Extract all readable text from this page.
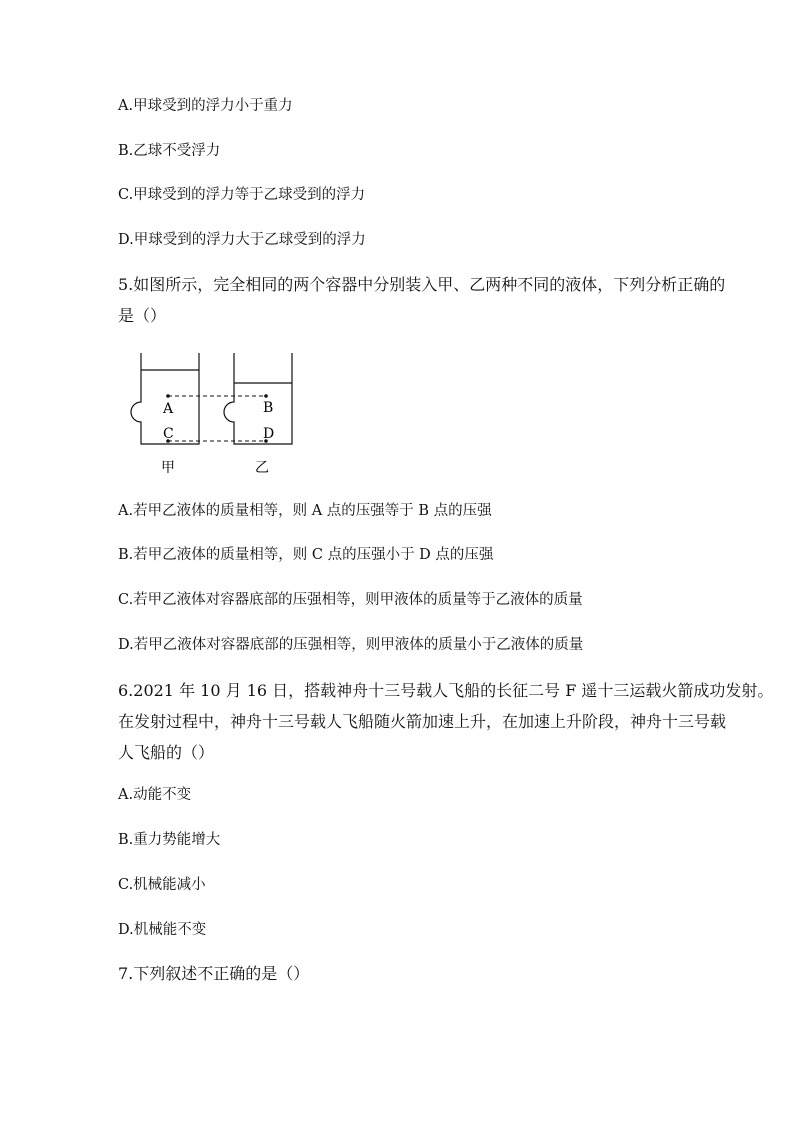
A.甲球受到的浮力小于重力
B.乙球不受浮力
C.甲球受到的浮力等于乙球受到的浮力
D.甲球受到的浮力大于乙球受到的浮力
5.如图所示，完全相同的两个容器中分别装入甲、乙两种不同的液体，下列分析正确的
是（）
A	B
C	D
甲	乙
A.若甲乙液体的质量相等，则 A 点的压强等于 B 点的压强
B.若甲乙液体的质量相等，则 C 点的压强小于 D 点的压强
C.若甲乙液体对容器底部的压强相等，则甲液体的质量等于乙液体的质量
D.若甲乙液体对容器底部的压强相等，则甲液体的质量小于乙液体的质量
6.2021 年 10 月 16 日，搭载神舟十三号载人飞船的长征二号 F 遥十三运载火箭成功发射。
在发射过程中，神舟十三号载人飞船随火箭加速上升，在加速上升阶段，神舟十三号载
人飞船的（）
A.动能不变
B.重力势能增大
C.机械能减小
D.机械能不变
7.下列叙述不正确的是（）
